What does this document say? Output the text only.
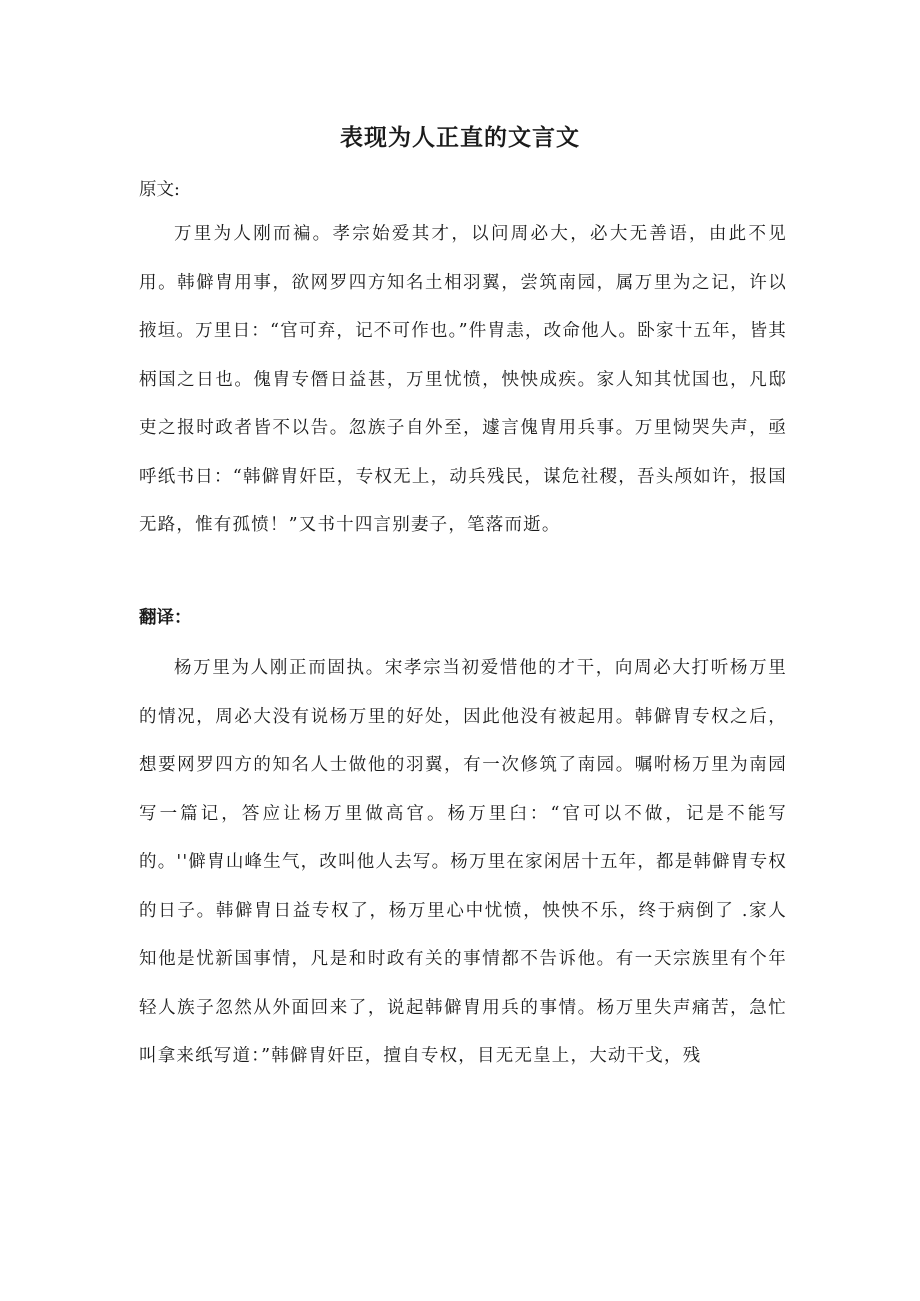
表现为人正直的文言文

原文:

万里为人刚而褊。孝宗始爱其才，以问周必大，必大无善语，由此不见用。韩僻胄用事，欲网罗四方知名土相羽翼，尝筑南园，属万里为之记，许以掖垣。万里日：“官可弃，记不可作也。”件胄恚，改命他人。卧家十五年，皆其柄国之日也。傀胄专僭日益甚，万里忧愤，怏怏成疾。家人知其忧国也，凡邸吏之报时政者皆不以告。忽族子自外至，遽言傀胄用兵事。万里恸哭失声，亟呼纸书日：“韩僻胄奸臣，专权无上，动兵残民，谋危社稷，吾头颅如许，报国无路，惟有孤愤！”又书十四言别妻子，笔落而逝。

翻译：

杨万里为人刚正而固执。宋孝宗当初爱惜他的才干，向周必大打听杨万里的情况，周必大没有说杨万里的好处，因此他没有被起用。韩僻胄专权之后，想要网罗四方的知名人士做他的羽翼，有一次修筑了南园。嘱咐杨万里为南园写一篇记，答应让杨万里做高官。杨万里臼：“官可以不做，记是不能写的。''僻胄山峰生气，改叫他人去写。杨万里在家闲居十五年，都是韩僻胄专权的日子。韩僻胄日益专权了，杨万里心中忧愤，怏怏不乐，终于病倒了 .家人知他是忧新国事情，凡是和时政有关的事情都不告诉他。有一天宗族里有个年轻人族子忽然从外面回来了，说起韩僻胄用兵的事情。杨万里失声痛苦，急忙叫拿来纸写道：”韩僻胄奸臣，擅自专权，目无无皇上，大动干戈，残
